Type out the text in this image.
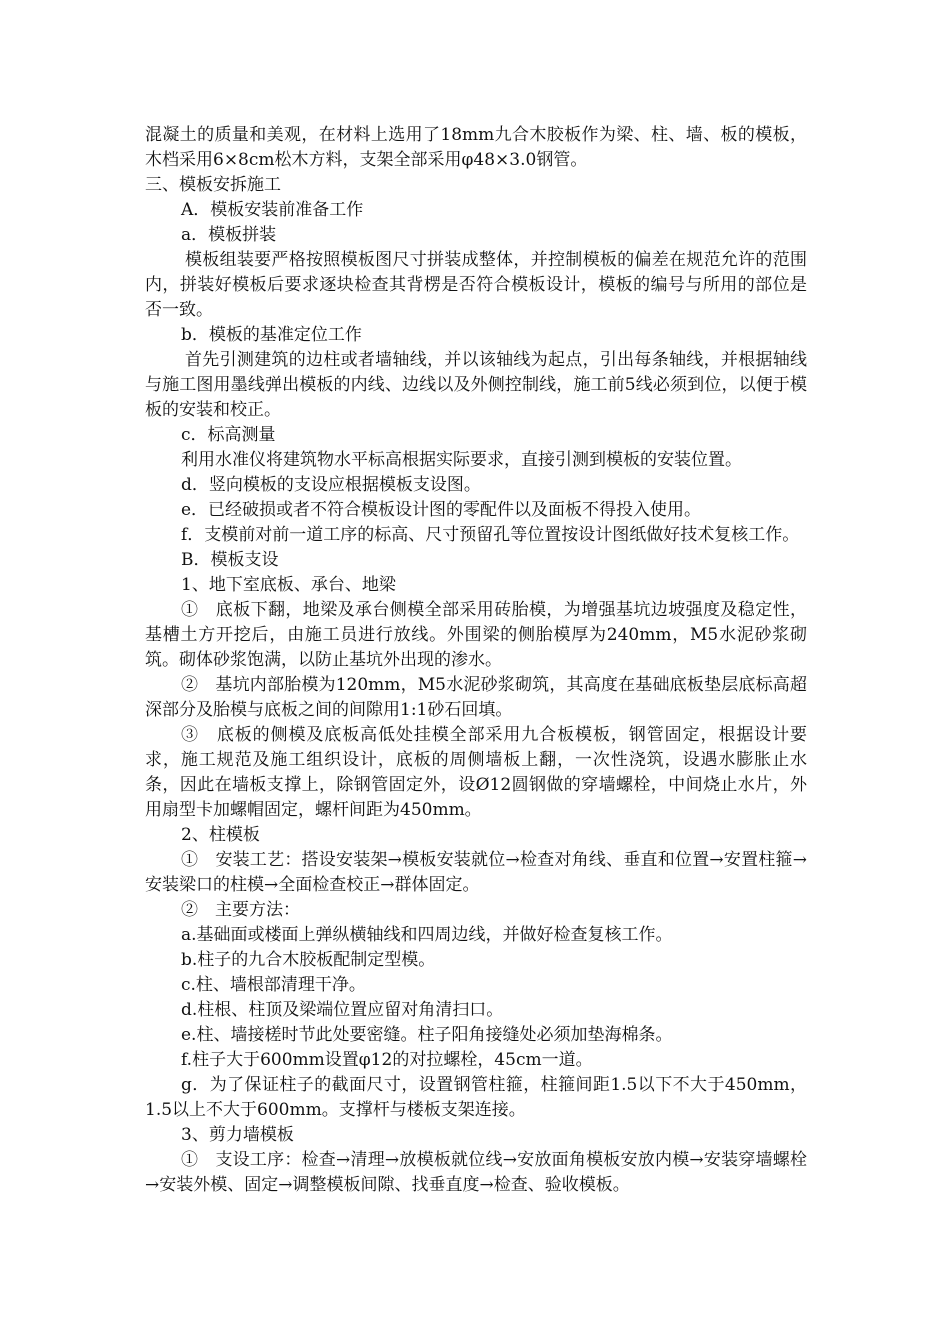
混凝土的质量和美观，在材料上选用了18mm九合木胶板作为梁、柱、墙、板的模板，木档采用6×8cm松木方料，支架全部采用φ48×3.0钢管。

三、模板安拆施工

A．模板安装前准备工作

a．模板拼装

模板组装要严格按照模板图尺寸拼装成整体，并控制模板的偏差在规范允许的范围内，拼装好模板后要求逐块检查其背楞是否符合模板设计，模板的编号与所用的部位是否一致。

b．模板的基准定位工作

首先引测建筑的边柱或者墙轴线，并以该轴线为起点，引出每条轴线，并根据轴线与施工图用墨线弹出模板的内线、边线以及外侧控制线，施工前5线必须到位，以便于模板的安装和校正。

c．标高测量

利用水准仪将建筑物水平标高根据实际要求，直接引测到模板的安装位置。

d．竖向模板的支设应根据模板支设图。

e．已经破损或者不符合模板设计图的零配件以及面板不得投入使用。

f．支模前对前一道工序的标高、尺寸预留孔等位置按设计图纸做好技术复核工作。

B．模板支设

1、地下室底板、承台、地梁

①　底板下翻，地梁及承台侧模全部采用砖胎模，为增强基坑边坡强度及稳定性，基槽土方开挖后，由施工员进行放线。外围梁的侧胎模厚为240mm，M5水泥砂浆砌筑。砌体砂浆饱满，以防止基坑外出现的渗水。

②　基坑内部胎模为120mm，M5水泥砂浆砌筑，其高度在基础底板垫层底标高超深部分及胎模与底板之间的间隙用1:1砂石回填。

③　底板的侧模及底板高低处挂模全部采用九合板模板，钢管固定，根据设计要求，施工规范及施工组织设计，底板的周侧墙板上翻，一次性浇筑，设遇水膨胀止水条，因此在墙板支撑上，除钢管固定外，设Ø12圆钢做的穿墙螺栓，中间烧止水片，外用扇型卡加螺帽固定，螺杆间距为450mm。

2、柱模板

①　安装工艺：搭设安装架→模板安装就位→检查对角线、垂直和位置→安置柱箍→安装梁口的柱模→全面检查校正→群体固定。

②　主要方法：

a.基础面或楼面上弹纵横轴线和四周边线，并做好检查复核工作。

b.柱子的九合木胶板配制定型模。

c.柱、墙根部清理干净。

d.柱根、柱顶及梁端位置应留对角清扫口。

e.柱、墙接槎时节此处要密缝。柱子阳角接缝处必须加垫海棉条。

f.柱子大于600mm设置φ12的对拉螺栓，45cm一道。

g．为了保证柱子的截面尺寸，设置钢管柱箍，柱箍间距1.5以下不大于450mm，1.5以上不大于600mm。支撑杆与楼板支架连接。

3、剪力墙模板

①　支设工序：检查→清理→放模板就位线→安放面角模板安放内模→安装穿墙螺栓→安装外模、固定→调整模板间隙、找垂直度→检查、验收模板。
